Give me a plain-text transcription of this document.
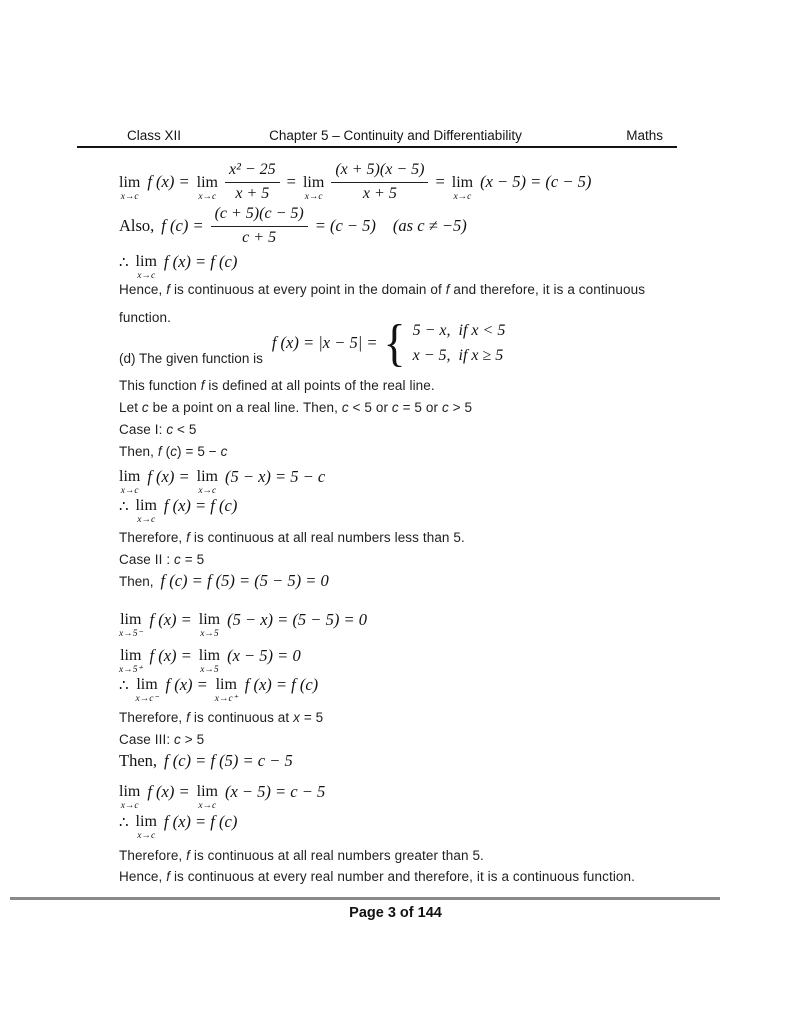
Class XII	Chapter 5 – Continuity and Differentiability	Maths
lim
x→c
f (x) = lim
$x\to c \frac{\text{x² − 25}}{x + 5} = \lim$
$x\to c \frac{(x + 5)(x - 5)}{x + 5} = \lim$
x→c
(x − 5) = (c − 5)
Also, f $(c) = \frac{(c + 5)(c - 5)}{c + 5} = (c - 5)$ (as c ≠ −5)
∴ lim
x→c
f (x) = f (c)
Hence, f is continuous at every point in the domain of f and therefore, it is a continuous function.
(d) The given function is
f (x) = |x − 5| = { 5 − x,  if x < 5
x − 5,  if x ≥ 5
This function f is defined at all points of the real line.
Let c be a point on a real line. Then, c < 5 or c = 5 or c > 5
Case I: c < 5
Then, f (c) = 5 − c
lim
x→c
f (x) = lim
x→c
(5 − x) = 5 − c
∴ lim
x→c
f (x) = f (c)
Therefore, f is continuous at all real numbers less than 5.
Case II : c = 5
Then, f (c) = f (5) = (5 − 5) = 0
lim
x→5⁻
f (x) = lim
x→5
(5 − x) = (5 − 5) = 0
lim
x→5⁺
f (x) = lim
x→5
(x − 5) = 0
∴ lim
x→c⁻
f (x) = lim
x→c⁺
f (x) = f (c)
Therefore, f is continuous at x = 5
Case III: c > 5
Then, f (c) = f (5) = c − 5
lim
x→c
f (x) = lim
x→c
(x − 5) = c − 5
∴ lim
x→c
f (x) = f (c)
Therefore, f is continuous at all real numbers greater than 5.
Hence, f is continuous at every real number and therefore, it is a continuous function.
Page 3 of 144
